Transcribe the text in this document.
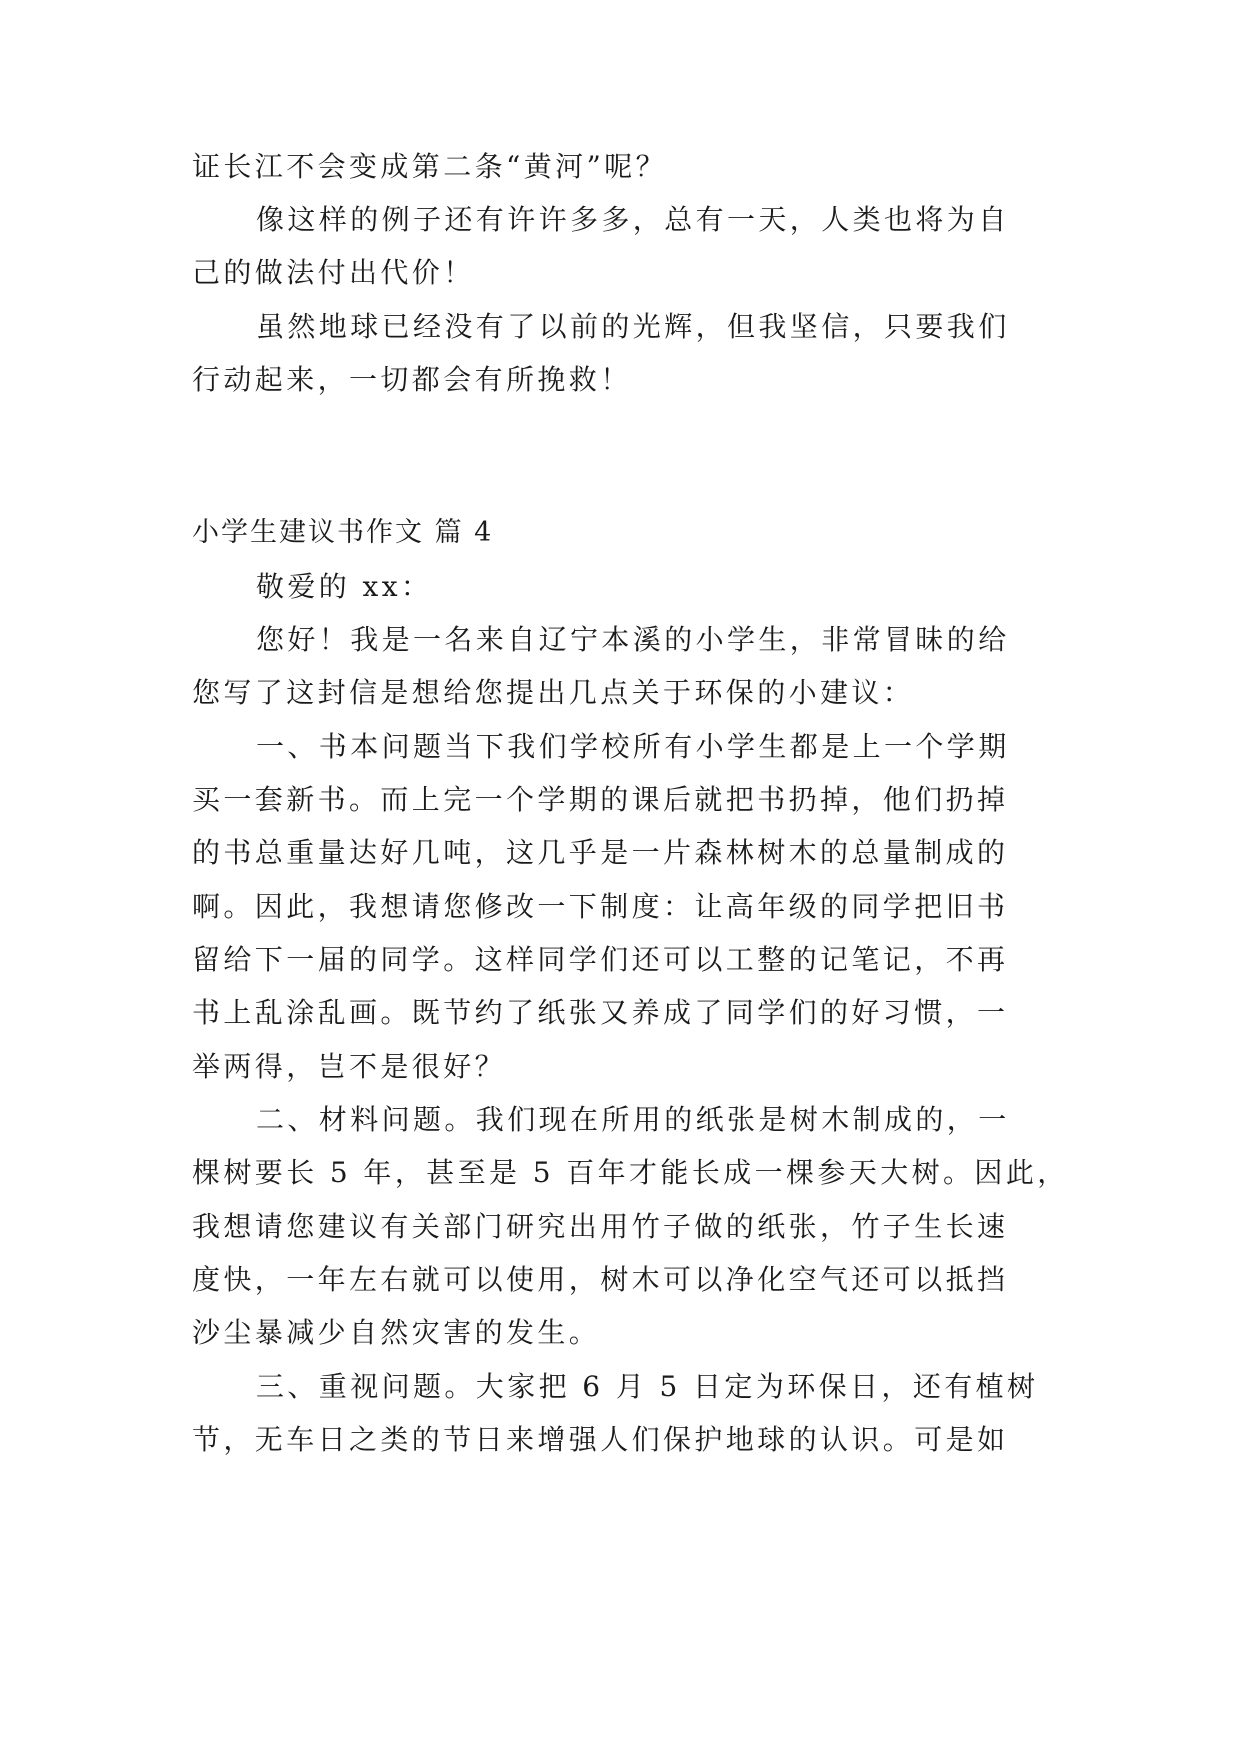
证长江不会变成第二条“黄河”呢？
像这样的例子还有许许多多，总有一天，人类也将为自
己的做法付出代价！
虽然地球已经没有了以前的光辉，但我坚信，只要我们
行动起来，一切都会有所挽救！
小学生建议书作文 篇 4
敬爱的 xx：
您好！我是一名来自辽宁本溪的小学生，非常冒昧的给
您写了这封信是想给您提出几点关于环保的小建议：
一、书本问题当下我们学校所有小学生都是上一个学期
买一套新书。而上完一个学期的课后就把书扔掉，他们扔掉
的书总重量达好几吨，这几乎是一片森林树木的总量制成的
啊。因此，我想请您修改一下制度：让高年级的同学把旧书
留给下一届的同学。这样同学们还可以工整的记笔记，不再
书上乱涂乱画。既节约了纸张又养成了同学们的好习惯，一
举两得，岂不是很好？
二、材料问题。我们现在所用的纸张是树木制成的，一
棵树要长 5 年，甚至是 5 百年才能长成一棵参天大树。因此，
我想请您建议有关部门研究出用竹子做的纸张，竹子生长速
度快，一年左右就可以使用，树木可以净化空气还可以抵挡
沙尘暴减少自然灾害的发生。
三、重视问题。大家把 6 月 5 日定为环保日，还有植树
节，无车日之类的节日来增强人们保护地球的认识。可是如
